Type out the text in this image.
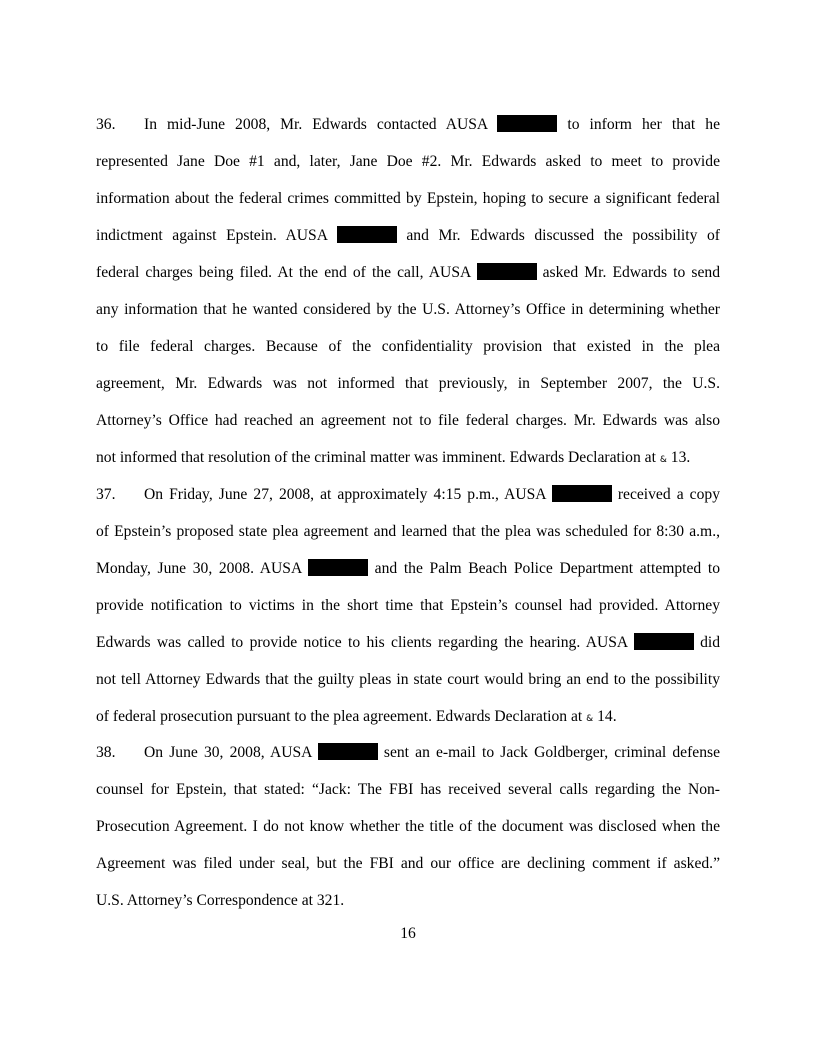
36. In mid-June 2008, Mr. Edwards contacted AUSA	to inform her that he
represented Jane Doe #1 and, later, Jane Doe #2. Mr. Edwards asked to meet to provide
information about the federal crimes committed by Epstein, hoping to secure a significant federal
indictment against Epstein. AUSA	and Mr. Edwards discussed the possibility of
federal charges being filed. At the end of the call, AUSA	asked Mr. Edwards to send
any information that he wanted considered by the U.S. Attorney’s Office in determining whether
to file federal charges. Because of the confidentiality provision that existed in the plea
agreement, Mr. Edwards was not informed that previously, in September 2007, the U.S.
Attorney’s Office had reached an agreement not to file federal charges. Mr. Edwards was also
not informed that resolution of the criminal matter was imminent. Edwards Declaration at & 13.
37. On Friday, June 27, 2008, at approximately 4:15 p.m., AUSA	received a copy
of Epstein’s proposed state plea agreement and learned that the plea was scheduled for 8:30 a.m.,
Monday, June 30, 2008. AUSA	and the Palm Beach Police Department attempted to
provide notification to victims in the short time that Epstein’s counsel had provided. Attorney
Edwards was called to provide notice to his clients regarding the hearing. AUSA	did
not tell Attorney Edwards that the guilty pleas in state court would bring an end to the possibility
of federal prosecution pursuant to the plea agreement. Edwards Declaration at & 14.
38. On June 30, 2008, AUSA	sent an e-mail to Jack Goldberger, criminal defense
counsel for Epstein, that stated: “Jack: The FBI has received several calls regarding the Non-
Prosecution Agreement. I do not know whether the title of the document was disclosed when the
Agreement was filed under seal, but the FBI and our office are declining comment if asked.”
U.S. Attorney’s Correspondence at 321.
16
